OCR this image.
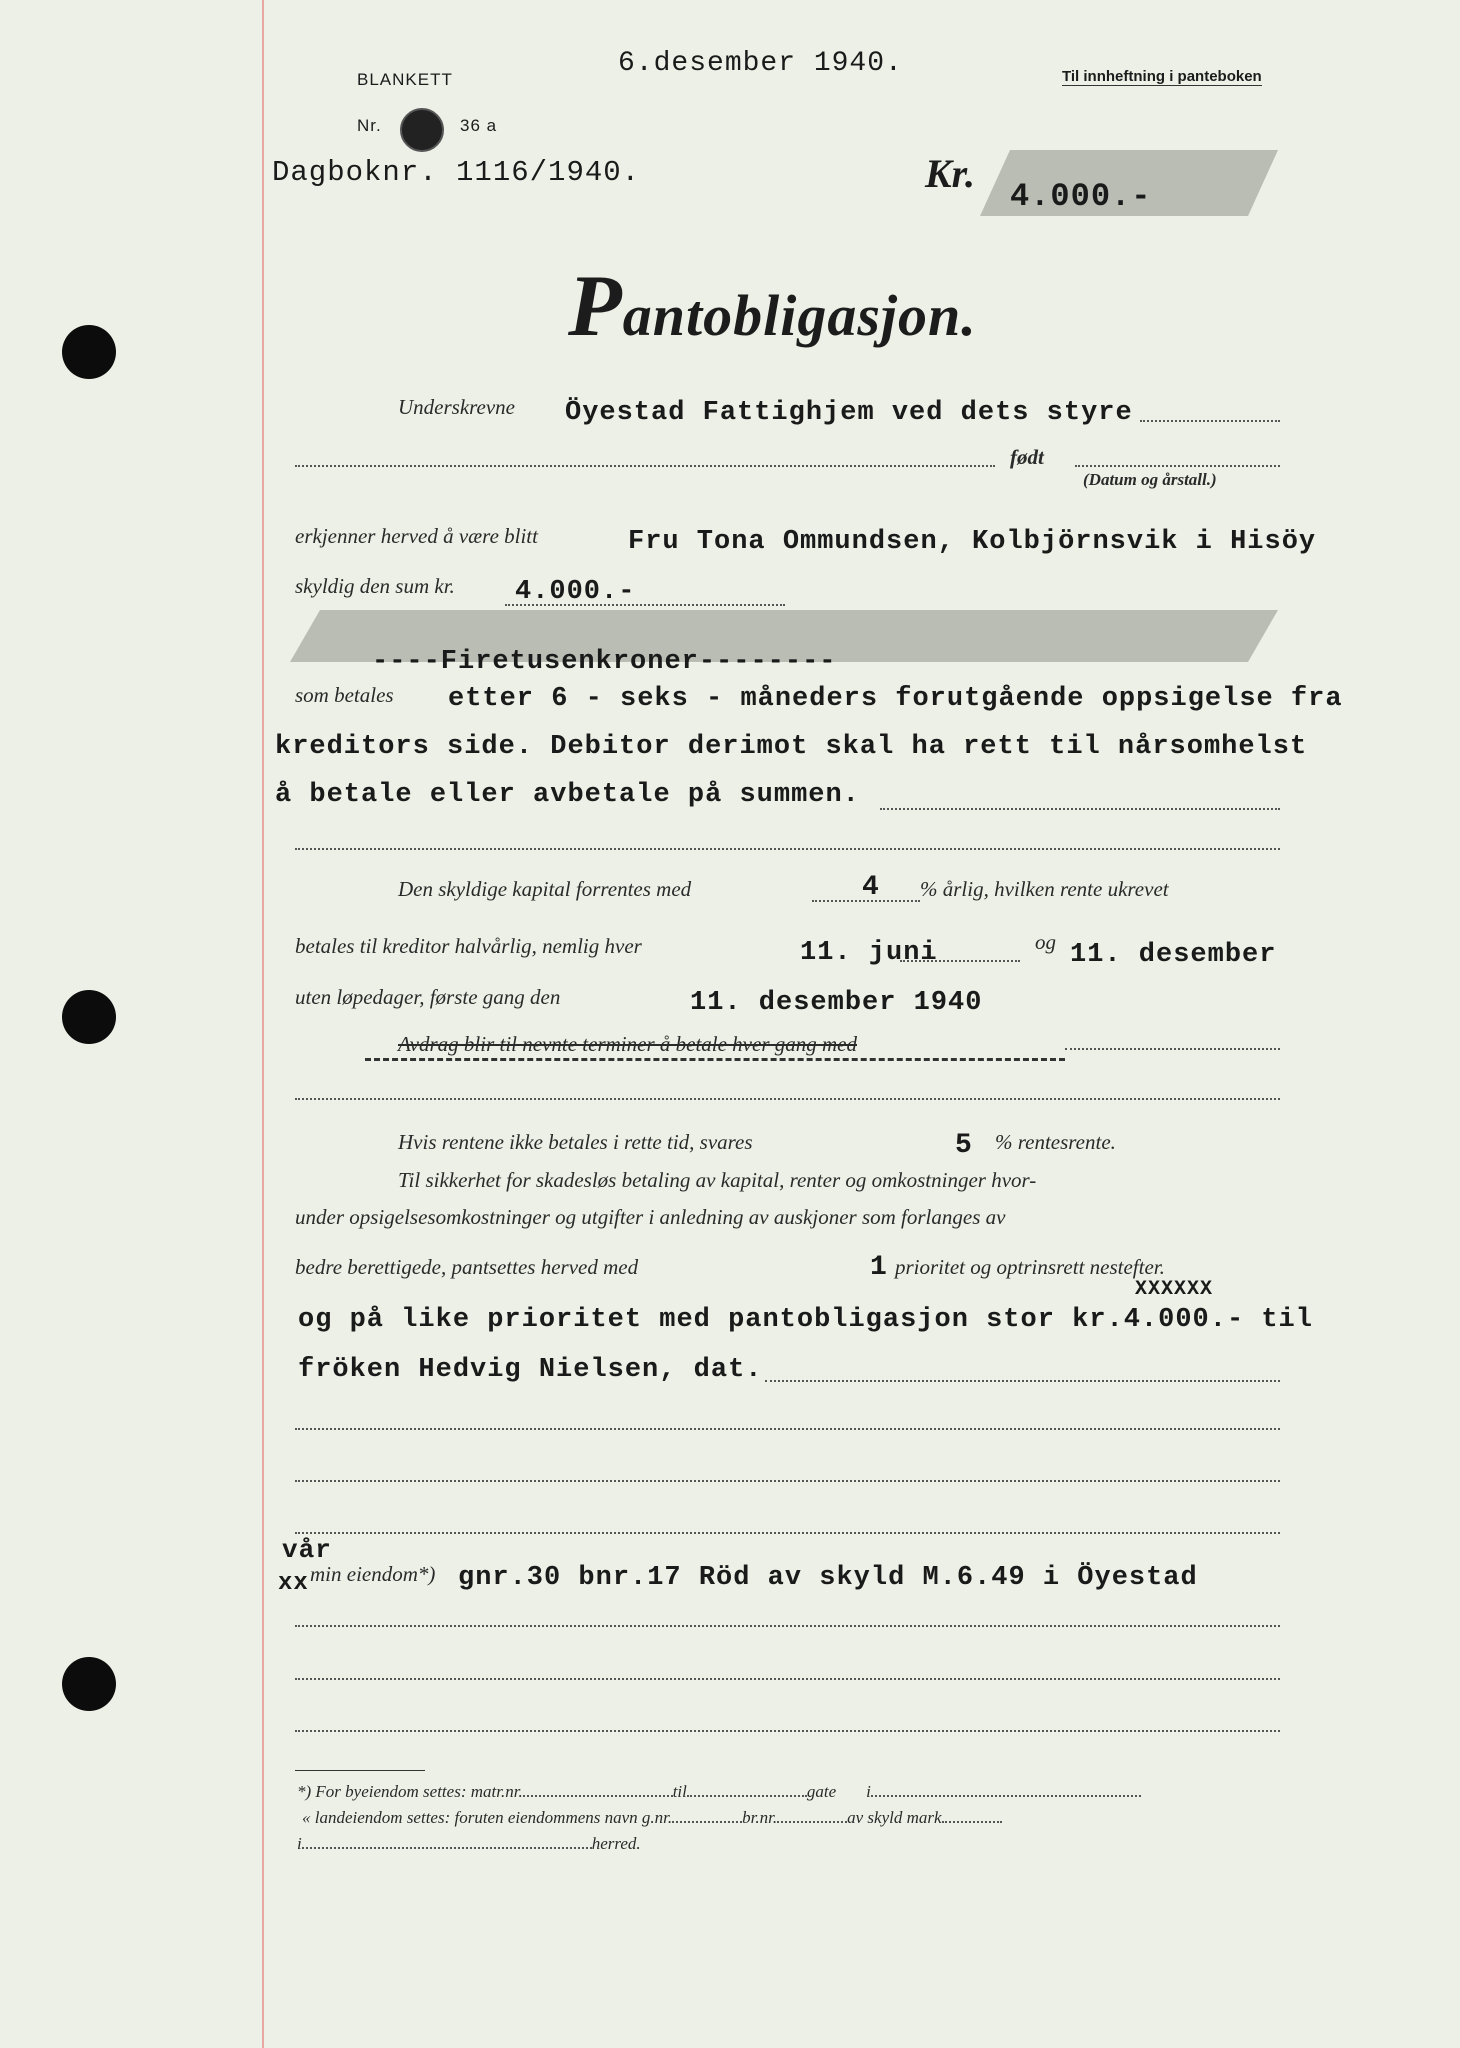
BLANKETT
Nr.	36 a
6.desember 1940.	Til innheftning i panteboken
Dagboknr. 1116/1940.	Kr.
4.000.-
Pantobligasjon.
Underskrevne Öyestad Fattighjem ved dets styre
født
(Datum og årstall.)
erkjenner herved å være blitt	Fru Tona Ommundsen, Kolbjörnsvik i Hisöy
skyldig den sum kr. 4.000.-
----Firetusenkroner--------
som betales etter 6 - seks - måneders forutgående oppsigelse fra
kreditors side. Debitor derimot skal ha rett til nårsomhelst
å betale eller avbetale på summen.
Den skyldige kapital forrentes med	4 % årlig, hvilken rente ukrevet
betales til kreditor halvårlig, nemlig hver	11. juni	og 11. desember
uten løpedager, første gang den	11. desember 1940
Avdrag blir til nevnte terminer å betale hver gang med
Hvis rentene ikke betales i rette tid, svares	5 % rentesrente.
Til sikkerhet for skadesløs betaling av kapital, renter og omkostninger hvor-
under opsigelsesomkostninger og utgifter i anledning av auskjoner som forlanges av
bedre berettigede, pantsettes herved med	1 prioritet og optrinsrett nestefter.
XXXXXX
og på like prioritet med pantobligasjon stor kr.4.000.- til
fröken Hedvig Nielsen, dat.
vår
xx min eiendom*) gnr.30 bnr.17 Röd av skyld M.6.49 i Öyestad
*) For byeiendom settes: matr.nr.	til	gate i
« landeiendom settes: foruten eiendommens navn g.nr.	br.nr.	av skyld mark
i	herred.
